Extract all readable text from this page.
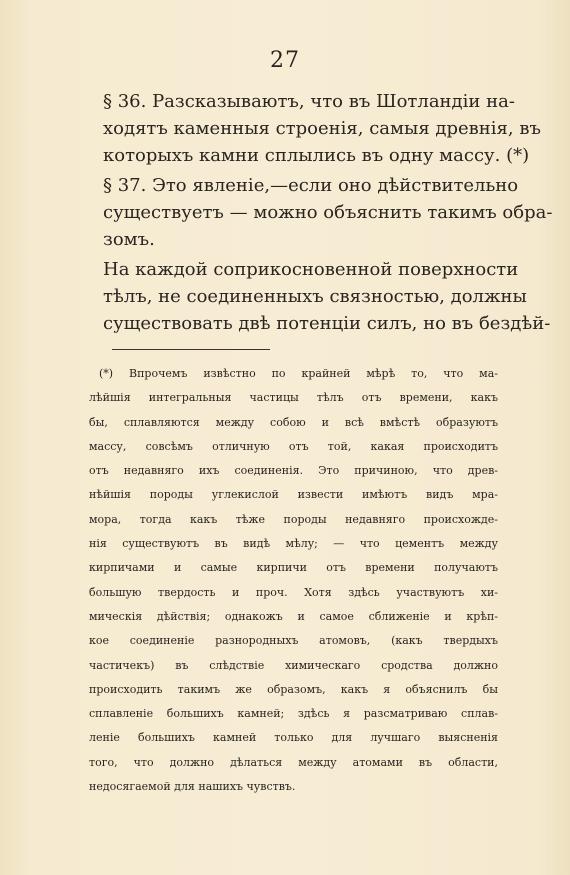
27
§ 36. Разсказываютъ, что въ Шотландіи на-
ходятъ каменныя строенія, самыя древнія, въ
которыхъ камни сплылись въ одну массу. (*)
§ 37. Это явленіе,—если оно дѣйствительно
существуетъ — можно объяснить такимъ обра-
зомъ.
На каждой соприкосновенной поверхности
тѣлъ, не соединенныхъ связностью, должны
существовать двѣ потенціи силъ, но въ бездѣй-
(*) Впрочемъ извѣстно по крайней мѣрѣ то, что ма-
лѣйшія интегральныя частицы тѣлъ отъ времени, какъ
бы, сплавляются между собою и всѣ вмѣстѣ образуютъ
массу, совсѣмъ отличную отъ той, какая происходитъ
отъ недавняго ихъ соединенія. Это причиною, что древ-
нѣйшія породы углекислой извести имѣютъ видъ мра-
мора, тогда какъ тѣже породы недавняго происхожде-
нія существуютъ въ видѣ мѣлу; — что цементъ между
кирпичами и самые кирпичи отъ времени получаютъ
большую твердость и проч. Хотя здѣсь участвуютъ хи-
мическія дѣйствія; однакожъ и самое сближеніе и крѣп-
кое соединеніе разнородныхъ атомовъ, (какъ твердыхъ
частичекъ) въ слѣдствіе химическаго сродства должно
происходить такимъ же образомъ, какъ я объяснилъ бы
сплавленіе большихъ камней; здѣсь я разсматриваю сплав-
леніе большихъ камней только для лучшаго выясненія
того, что должно дѣлаться между атомами въ области,
недосягаемой для нашихъ чувствъ.
